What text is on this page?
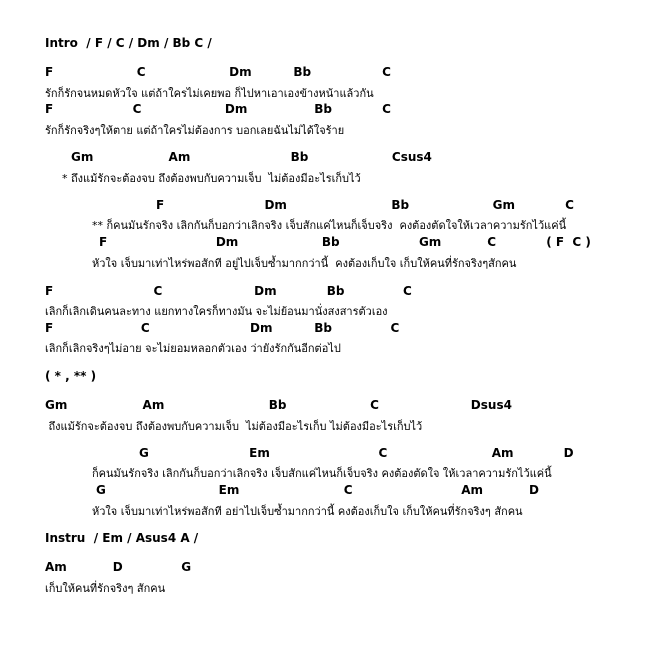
Intro  / F / C / Dm / Bb C /
F                    C                    Dm          Bb                 C
รักก็รักจนหมดหัวใจ แต่ถ้าใครไม่เคยพอ ก็ไปหาเอาเองข้างหน้าแล้วกัน
F                   C                    Dm                Bb            C
รักก็รักจริงๆให้ตาย แต่ถ้าใครไม่ต้องการ บอกเลยฉันไม่ได้ใจร้าย
Gm                  Am                        Bb                    Csus4
* ถึงแม้รักจะต้องจบ ถึงต้องพบกับความเจ็บ  ไม่ต้องมีอะไรเก็บไว้
F                        Dm                         Bb                    Gm            C
** ก็คนมันรักจริง เลิกกันก็บอกว่าเลิกจริง เจ็บสักแค่ไหนก็เจ็บจริง  คงต้องตัดใจให้เวลาความรักไว้แค่นี้
F                          Dm                    Bb                   Gm           C            ( F  C )
หัวใจ เจ็บมาเท่าไหร่พอสักที อยู่ไปเจ็บซ้ำมากกว่านี้  คงต้องเก็บใจ เก็บให้คนที่รักจริงๆสักคน
F                        C                      Dm            Bb              C
เลิกก็เลิกเดินคนละทาง แยกทางใครก็ทางมัน จะไม่ย้อนมานั่งสงสารตัวเอง
F                     C                        Dm          Bb              C
เลิกก็เลิกจริงๆไม่อาย จะไม่ยอมหลอกตัวเอง ว่ายังรักกันอีกต่อไป
( * , ** )
Gm                  Am                         Bb                    C                      Dsus4
ถึงแม้รักจะต้องจบ ถึงต้องพบกับความเจ็บ  ไม่ต้องมีอะไรเก็บ ไม่ต้องมีอะไรเก็บไว้
G                        Em                          C                         Am            D
ก็คนมันรักจริง เลิกกันก็บอกว่าเลิกจริง เจ็บสักแค่ไหนก็เจ็บจริง คงต้องตัดใจ ให้เวลาความรักไว้แค่นี้
G                           Em                         C                          Am           D
หัวใจ เจ็บมาเท่าไหร่พอสักที อย่าไปเจ็บซ้ำมากกว่านี้ คงต้องเก็บใจ เก็บให้คนที่รักจริงๆ สักคน
Instru  / Em / Asus4 A /
Am           D              G
เก็บให้คนที่รักจริงๆ สักคน
